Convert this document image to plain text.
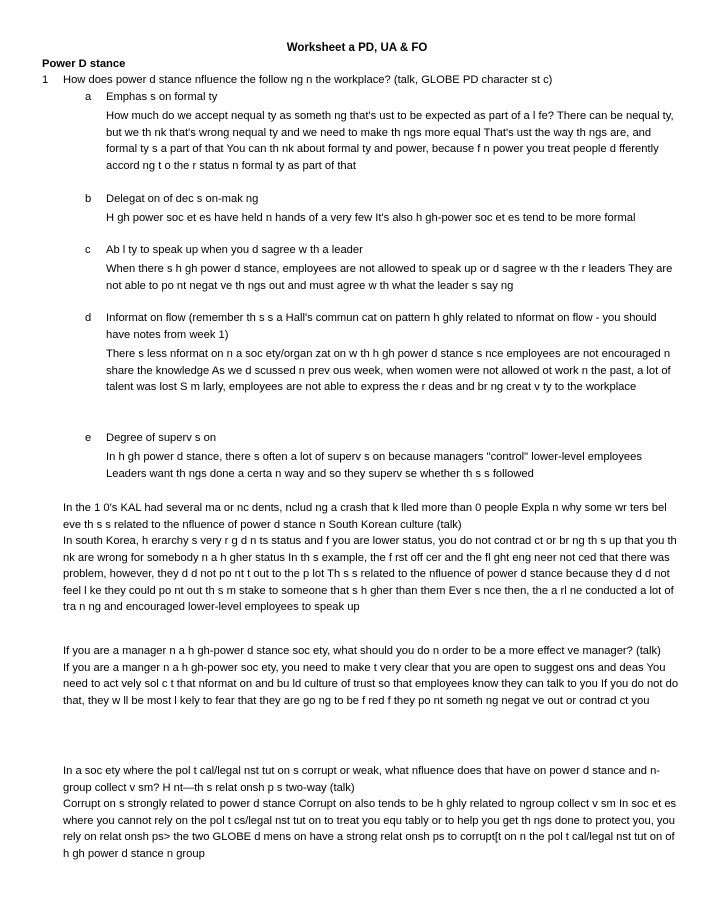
Worksheet a PD, UA & FO
Power D stance
1 How does power d stance nfluence the follow ng n the workplace? (talk, GLOBE PD character st c)
a Emphas s on formal ty
How much do we accept nequal ty as someth ng that's ust to be expected as part of a l fe? There can be nequal ty, but we th nk that's wrong nequal ty and we need to make th ngs more equal That's ust the way th ngs are, and formal ty s a part of that You can th nk about formal ty and power, because f n power you treat people d fferently accord ng t o the r status n formal ty as part of that
b Delegat on of dec s on-mak ng
H gh power soc et es have held n hands of a very few It's also h gh-power soc et es tend to be more formal
c Ab l ty to speak up when you d sagree w th a leader
When there s h gh power d stance, employees are not allowed to speak up or d sagree w th the r leaders They are not able to po nt negat ve th ngs out and must agree w th what the leader s say ng
d Informat on flow (remember th s s a Hall's commun cat on pattern h ghly related to nformat on flow - you should have notes from week 1)
There s less nformat on n a soc ety/organ zat on w th h gh power d stance s nce employees are not encouraged n share the knowledge As we d scussed n prev ous week, when women were not allowed ot work n the past, a lot of talent was lost S m larly, employees are not able to express the r deas and br ng creat v ty to the workplace
e Degree of superv s on
In h gh power d stance, there s often a lot of superv s on because managers "control" lower-level employees Leaders want th ngs done a certa n way and so they superv se whether th s s followed

In the 1 0's KAL had several ma or nc dents, nclud ng a crash that k lled more than 0 people Expla n why some wr ters bel eve th s s related to the nfluence of power d stance n South Korean culture (talk)

In south Korea, h erarchy s very r g d n ts status and f you are lower status, you do not contrad ct or br ng th s up that you th nk are wrong for somebody n a h gher status In th s example, the f rst off cer and the fl ght eng neer not ced that there was problem, however, they d d not po nt t out to the p lot Th s s related to the nfluence of power d stance because they d d not feel l ke they could po nt out th s m stake to someone that s h gher than them Ever s nce then, the a rl ne conducted a lot of tra n ng and encouraged lower-level employees to speak up

If you are a manager n a h gh-power d stance soc ety, what should you do n order to be a more effect ve manager? (talk)

If you are a manger n a h gh-power soc ety, you need to make t very clear that you are open to suggest ons and deas You need to act vely sol c t that nformat on and bu ld culture of trust so that employees know they can talk to you If you do not do that, they w ll be most l kely to fear that they are go ng to be f red f they po nt someth ng negat ve out or contrad ct you

In a soc ety where the pol t cal/legal nst tut on s corrupt or weak, what nfluence does that have on power d stance and n-group collect v sm? H nt—th s relat onsh p s two-way (talk)

Corrupt on s strongly related to power d stance Corrupt on also tends to be h ghly related to ngroup collect v sm In soc et es where you cannot rely on the pol t cs/legal nst tut on to treat you equ tably or to help you get th ngs done to protect you, you rely on relat onsh ps> the two GLOBE d mens on have a strong relat onsh ps to corrupt[t on n the pol t cal/legal nst tut on of h gh power d stance n group
